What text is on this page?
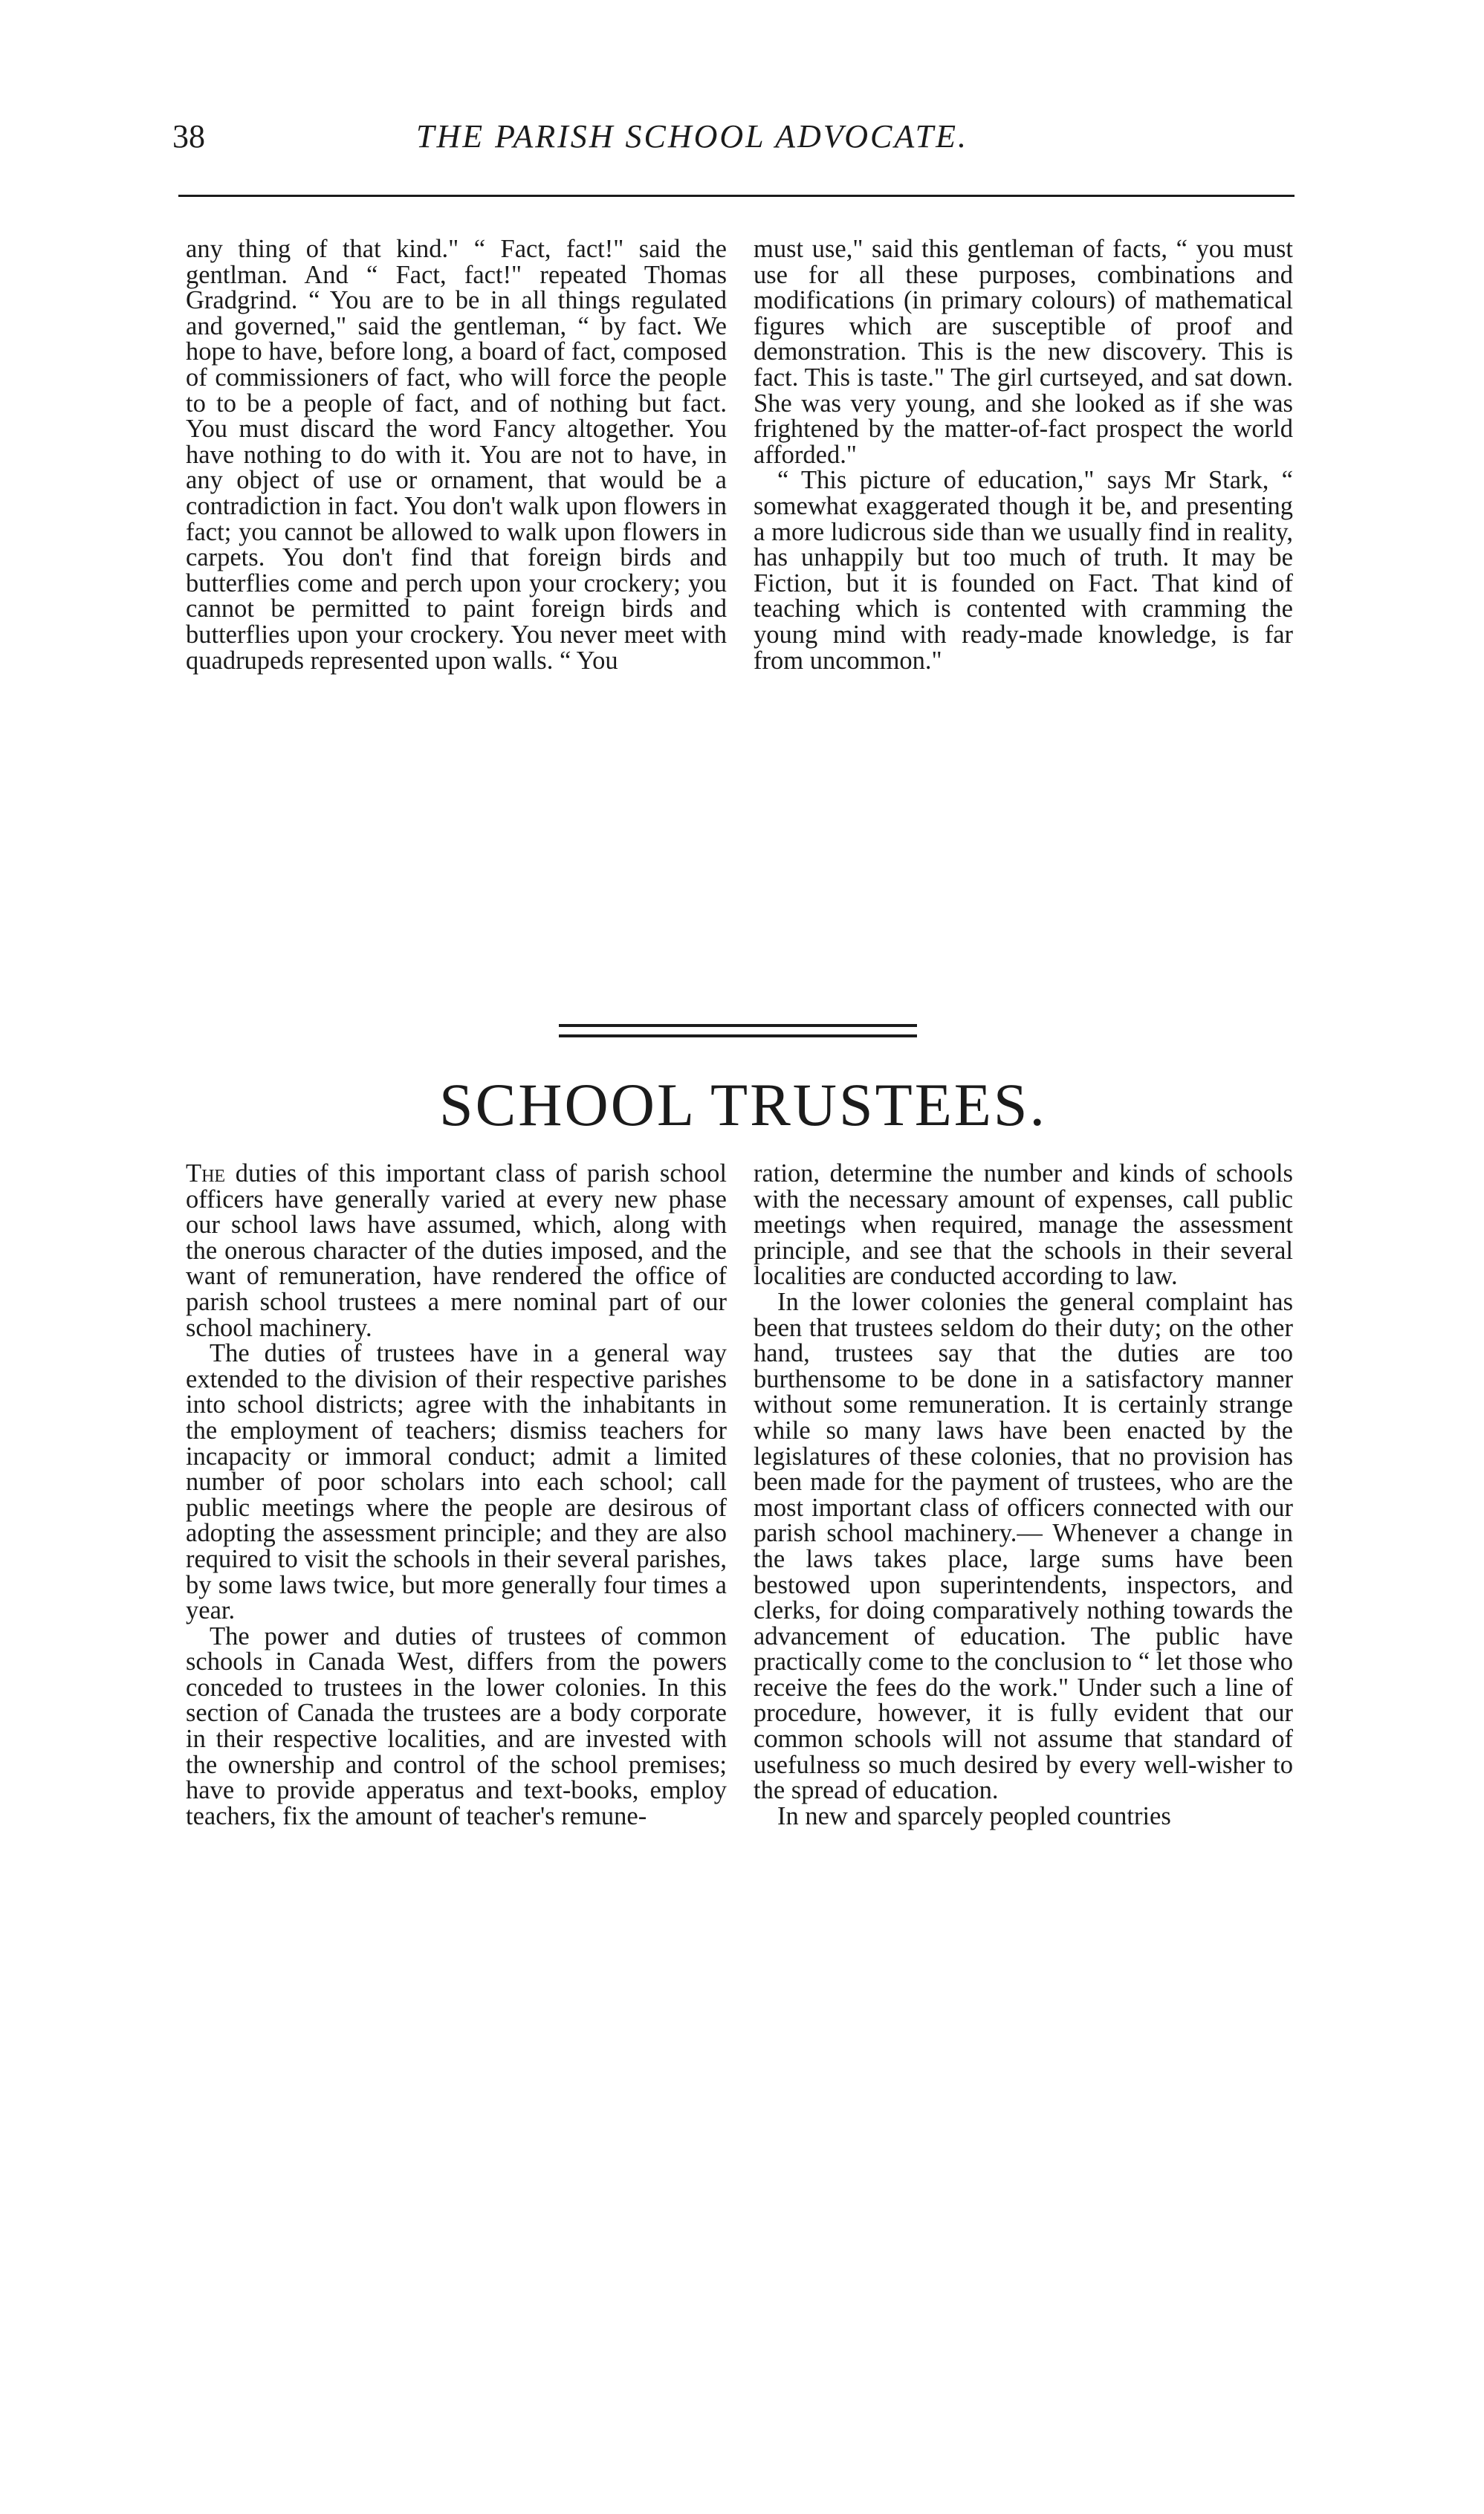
38	THE PARISH SCHOOL ADVOCATE.

any thing of that kind." “ Fact, fact!" said the gentlman. And “ Fact, fact!" repeated Thomas Gradgrind. “ You are to be in all things regulated and governed," said the gentleman, “ by fact. We hope to have, before long, a board of fact, composed of commissioners of fact, who will force the people to to be a people of fact, and of nothing but fact. You must discard the word Fancy altogether. You have nothing to do with it. You are not to have, in any object of use or ornament, that would be a contradiction in fact. You don't walk upon flowers in fact; you cannot be allowed to walk upon flowers in carpets. You don't find that foreign birds and butterflies come and perch upon your crockery; you cannot be permitted to paint foreign birds and butterflies upon your crockery. You never meet with quadrupeds represented upon walls. “ You

must use," said this gentleman of facts, “ you must use for all these purposes, combinations and modifications (in primary colours) of mathematical figures which are susceptible of proof and demonstration. This is the new discovery. This is fact. This is taste." The girl curtseyed, and sat down. She was very young, and she looked as if she was frightened by the matter-of-fact prospect the world afforded."

“ This picture of education," says Mr Stark, “ somewhat exaggerated though it be, and presenting a more ludicrous side than we usually find in reality, has unhappily but too much of truth. It may be Fiction, but it is founded on Fact. That kind of teaching which is contented with cramming the young mind with ready-made knowledge, is far from uncommon."

SCHOOL TRUSTEES.

The duties of this important class of parish school officers have generally varied at every new phase our school laws have assumed, which, along with the onerous character of the duties imposed, and the want of remuneration, have rendered the office of parish school trustees a mere nominal part of our school machinery.

The duties of trustees have in a general way extended to the division of their respective parishes into school districts; agree with the inhabitants in the employment of teachers; dismiss teachers for incapacity or immoral conduct; admit a limited number of poor scholars into each school; call public meetings where the people are desirous of adopting the assessment principle; and they are also required to visit the schools in their several parishes, by some laws twice, but more generally four times a year.

The power and duties of trustees of common schools in Canada West, differs from the powers conceded to trustees in the lower colonies. In this section of Canada the trustees are a body corporate in their respective localities, and are invested with the ownership and control of the school premises; have to provide apperatus and text-books, employ teachers, fix the amount of teacher's remune-

ration, determine the number and kinds of schools with the necessary amount of expenses, call public meetings when required, manage the assessment principle, and see that the schools in their several localities are conducted according to law.

In the lower colonies the general complaint has been that trustees seldom do their duty; on the other hand, trustees say that the duties are too burthensome to be done in a satisfactory manner without some remuneration. It is certainly strange while so many laws have been enacted by the legislatures of these colonies, that no provision has been made for the payment of trustees, who are the most important class of officers connected with our parish school machinery.— Whenever a change in the laws takes place, large sums have been bestowed upon superintendents, inspectors, and clerks, for doing comparatively nothing towards the advancement of education. The public have practically come to the conclusion to “ let those who receive the fees do the work." Under such a line of procedure, however, it is fully evident that our common schools will not assume that standard of usefulness so much desired by every well-wisher to the spread of education.

In new and sparcely peopled countries
